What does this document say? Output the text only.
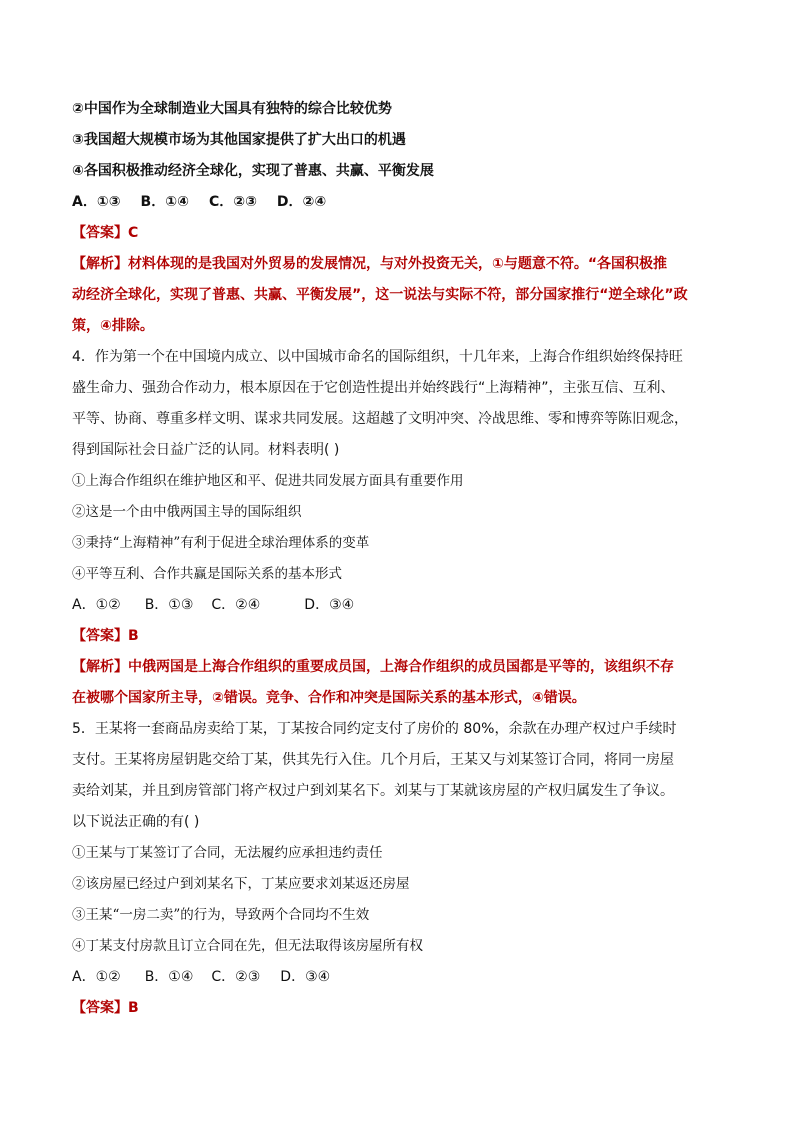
②中国作为全球制造业大国具有独特的综合比较优势
③我国超大规模市场为其他国家提供了扩大出口的机遇
④各国积极推动经济全球化，实现了普惠、共赢、平衡发展
A．①③ B．①④ C．②③ D．②④
【答案】C
【解析】材料体现的是我国对外贸易的发展情况，与对外投资无关，①与题意不符。“各国积极推
动经济全球化，实现了普惠、共赢、平衡发展”，这一说法与实际不符，部分国家推行“逆全球化”政
策，④排除。
4．作为第一个在中国境内成立、以中国城市命名的国际组织，十几年来，上海合作组织始终保持旺
盛生命力、强劲合作动力，根本原因在于它创造性提出并始终践行“上海精神”，主张互信、互利、
平等、协商、尊重多样文明、谋求共同发展。这超越了文明冲突、冷战思维、零和博弈等陈旧观念，
得到国际社会日益广泛的认同。材料表明( )
①上海合作组织在维护地区和平、促进共同发展方面具有重要作用
②这是一个由中俄两国主导的国际组织
③秉持“上海精神”有利于促进全球治理体系的变革
④平等互利、合作共赢是国际关系的基本形式
A．①② B．①③ C．②④	D．③④
【答案】B
【解析】中俄两国是上海合作组织的重要成员国，上海合作组织的成员国都是平等的，该组织不存
在被哪个国家所主导，②错误。竞争、合作和冲突是国际关系的基本形式，④错误。
5．王某将一套商品房卖给丁某，丁某按合同约定支付了房价的 80%，余款在办理产权过户手续时
支付。王某将房屋钥匙交给丁某，供其先行入住。几个月后，王某又与刘某签订合同，将同一房屋
卖给刘某，并且到房管部门将产权过户到刘某名下。刘某与丁某就该房屋的产权归属发生了争议。
以下说法正确的有( )
①王某与丁某签订了合同，无法履约应承担违约责任
②该房屋已经过户到刘某名下，丁某应要求刘某返还房屋
③王某“一房二卖”的行为，导致两个合同均不生效
④丁某支付房款且订立合同在先，但无法取得该房屋所有权
A．①② B．①④ C．②③ D．③④
【答案】B
